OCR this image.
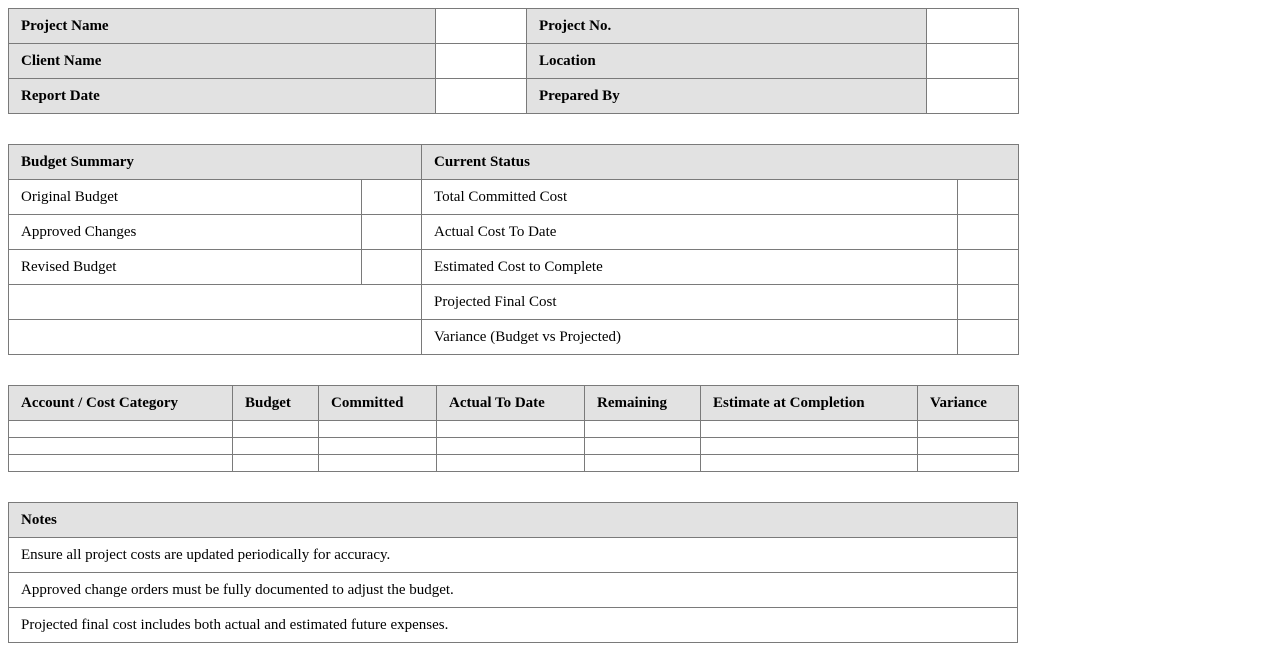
Project Name		Project No.	
Client Name		Location	
Report Date		Prepared By	
Budget Summary		Current Status	
Original Budget		Total Committed Cost	
Approved Changes		Actual Cost To Date	
Revised Budget		Estimated Cost to Complete	
		Projected Final Cost	
		Variance (Budget vs Projected)	
Account / Cost Category	Budget	Committed	Actual To Date	Remaining	Estimate at Completion	Variance

Notes
Ensure all project costs are updated periodically for accuracy.
Approved change orders must be fully documented to adjust the budget.
Projected final cost includes both actual and estimated future expenses.
